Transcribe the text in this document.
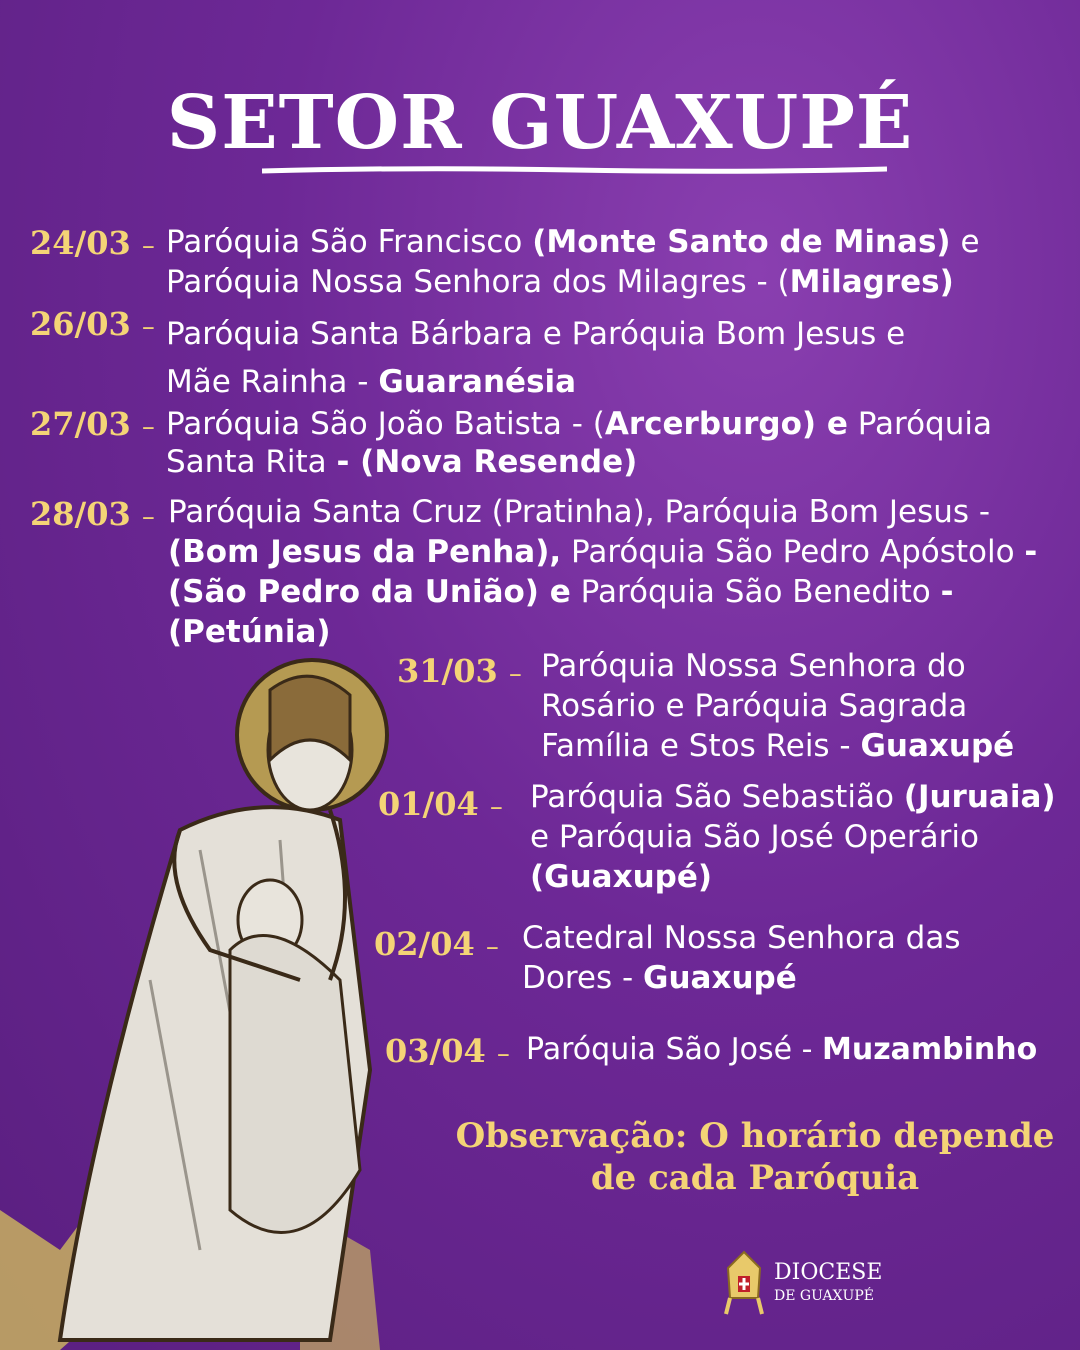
SETOR GUAXUPÉ
24/03 – Paróquia São Francisco (Monte Santo de Minas) e Paróquia Nossa Senhora dos Milagres - (Milagres)
26/03 – Paróquia Santa Bárbara e Paróquia Bom Jesus e Mãe Rainha - Guaranésia
27/03 – Paróquia São João Batista - (Arcerburgo) e Paróquia Santa Rita - (Nova Resende)
28/03 – Paróquia Santa Cruz (Pratinha), Paróquia Bom Jesus - (Bom Jesus da Penha), Paróquia São Pedro Apóstolo - (São Pedro da União) e Paróquia São Benedito - (Petúnia)
31/03 – Paróquia Nossa Senhora do Rosário e Paróquia Sagrada Família e Stos Reis - Guaxupé
01/04 – Paróquia São Sebastião (Juruaia) e Paróquia São José Operário (Guaxupé)
02/04 – Catedral Nossa Senhora das Dores - Guaxupé
03/04 – Paróquia São José - Muzambinho
Observação: O horário depende de cada Paróquia
DIOCESE
DE GUAXUPÉ
